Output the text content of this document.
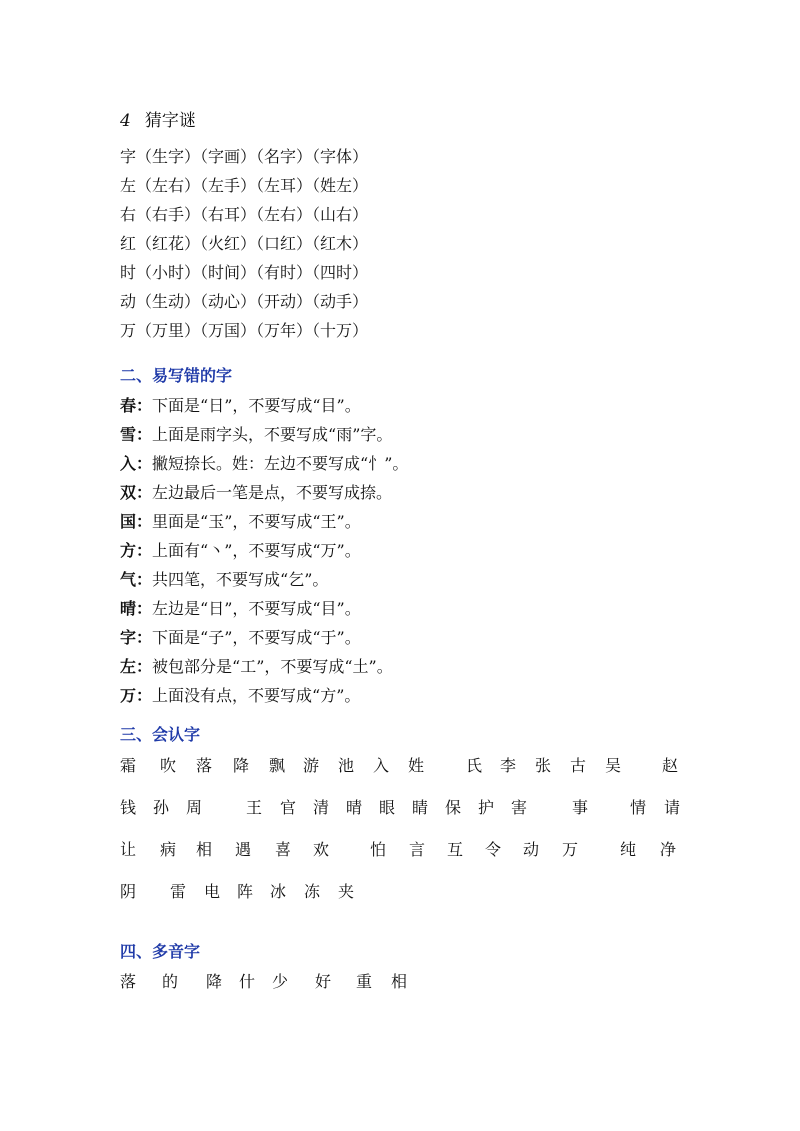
4 猜字谜
字（生字）（字画）（名字）（字体）
左（左右）（左手）（左耳）（姓左）
右（右手）（右耳）（左右）（山右）
红（红花）（火红）（口红）（红木）
时（小时）（时间）（有时）（四时）
动（生动）（动心）（开动）（动手）
万（万里）（万国）（万年）（十万）
二、易写错的字
春：下面是“日”，不要写成“目”。
雪：上面是雨字头，不要写成“雨”字。
入：撇短捺长。姓：左边不要写成“忄”。
双：左边最后一笔是点，不要写成捺。
国：里面是“玉”，不要写成“王”。
方：上面有“丶”，不要写成“万”。
气：共四笔，不要写成“乞”。
晴：左边是“日”，不要写成“目”。
字：下面是“子”，不要写成“于”。
左：被包部分是“工”，不要写成“土”。
万：上面没有点，不要写成“方”。
三、会认字
霜 吹 落 降 飘 游 池 入 姓	氏 李 张 古 吴	赵
钱 孙 周	王 官 清 晴 眼 睛 保 护 害	事	情 请
让 病 相 遇 喜 欢	怕 言 互 令 动 万	纯 净
阴 雷 电 阵 冰 冻 夹
四、多音字
落 的 降 什 少 好 重 相
